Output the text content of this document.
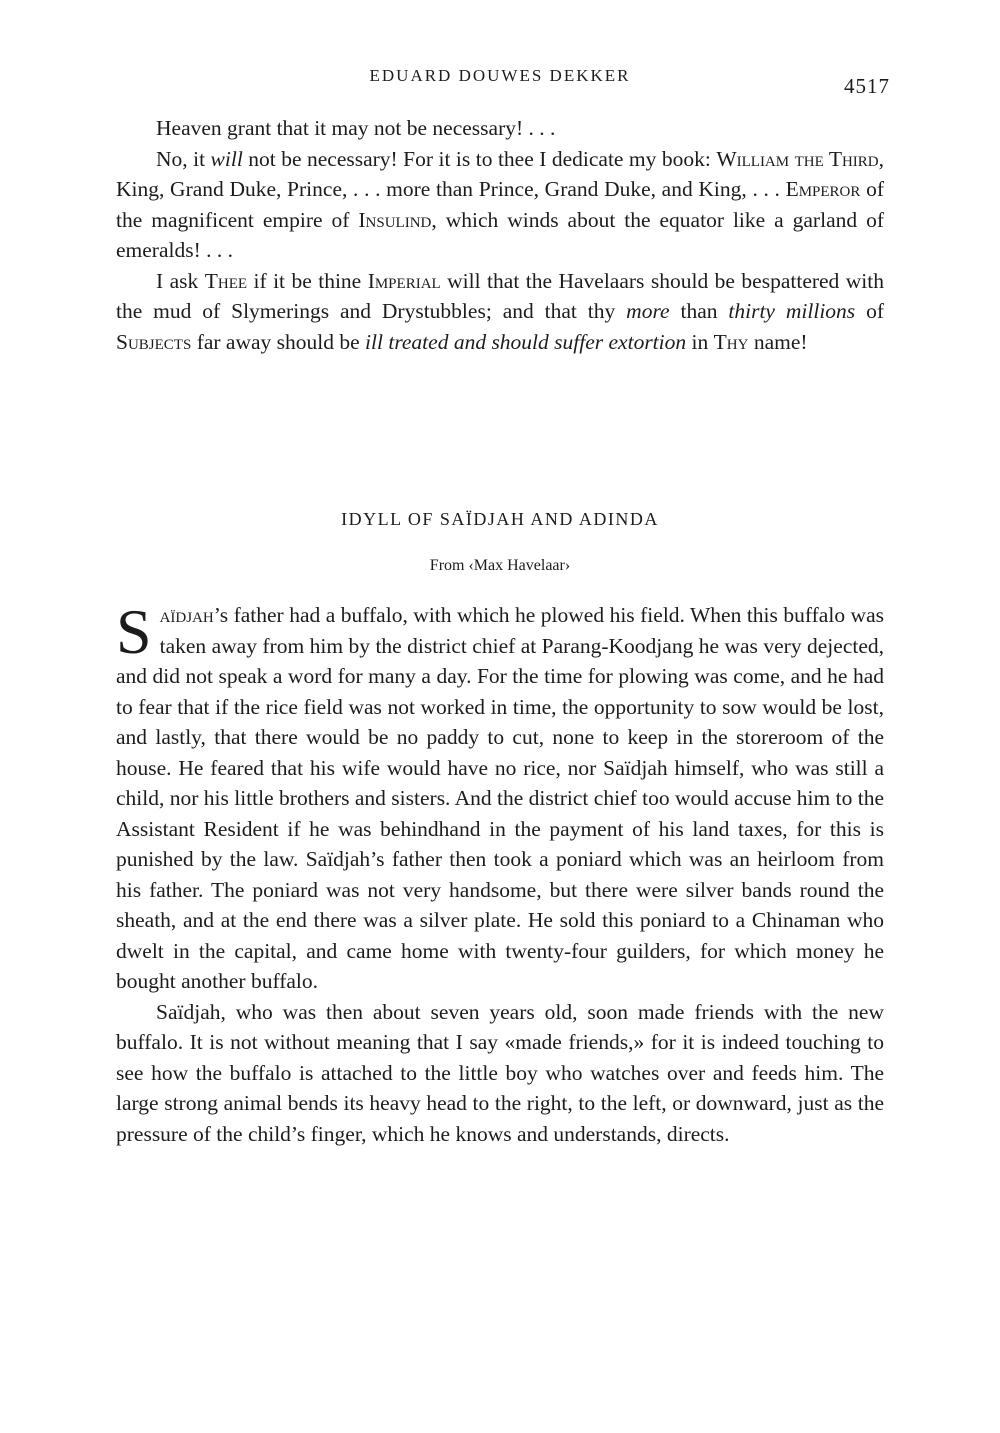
EDUARD DOUWES DEKKER	4517

Heaven grant that it may not be necessary! . . .

No, it will not be necessary! For it is to thee I dedicate my book: William the Third, King, Grand Duke, Prince, . . . more than Prince, Grand Duke, and King, . . . Emperor of the magnificent empire of Insulind, which winds about the equator like a garland of emeralds! . . .

I ask Thee if it be thine Imperial will that the Havelaars should be bespattered with the mud of Slymerings and Drystubbles; and that thy more than thirty millions of Subjects far away should be ill treated and should suffer extortion in Thy name!

IDYLL OF SAÏDJAH AND ADINDA
From ‹Max Havelaar›

Saïdjah’s father had a buffalo, with which he plowed his field. When this buffalo was taken away from him by the district chief at Parang-Koodjang he was very dejected, and did not speak a word for many a day. For the time for plowing was come, and he had to fear that if the rice field was not worked in time, the opportunity to sow would be lost, and lastly, that there would be no paddy to cut, none to keep in the storeroom of the house. He feared that his wife would have no rice, nor Saïdjah himself, who was still a child, nor his little brothers and sisters. And the district chief too would accuse him to the Assistant Resident if he was behindhand in the payment of his land taxes, for this is punished by the law. Saïdjah’s father then took a poniard which was an heirloom from his father. The poniard was not very handsome, but there were silver bands round the sheath, and at the end there was a silver plate. He sold this poniard to a Chinaman who dwelt in the capital, and came home with twenty-four guilders, for which money he bought another buffalo.

Saïdjah, who was then about seven years old, soon made friends with the new buffalo. It is not without meaning that I say «made friends,» for it is indeed touching to see how the buffalo is attached to the little boy who watches over and feeds him. The large strong animal bends its heavy head to the right, to the left, or downward, just as the pressure of the child’s finger, which he knows and understands, directs.
